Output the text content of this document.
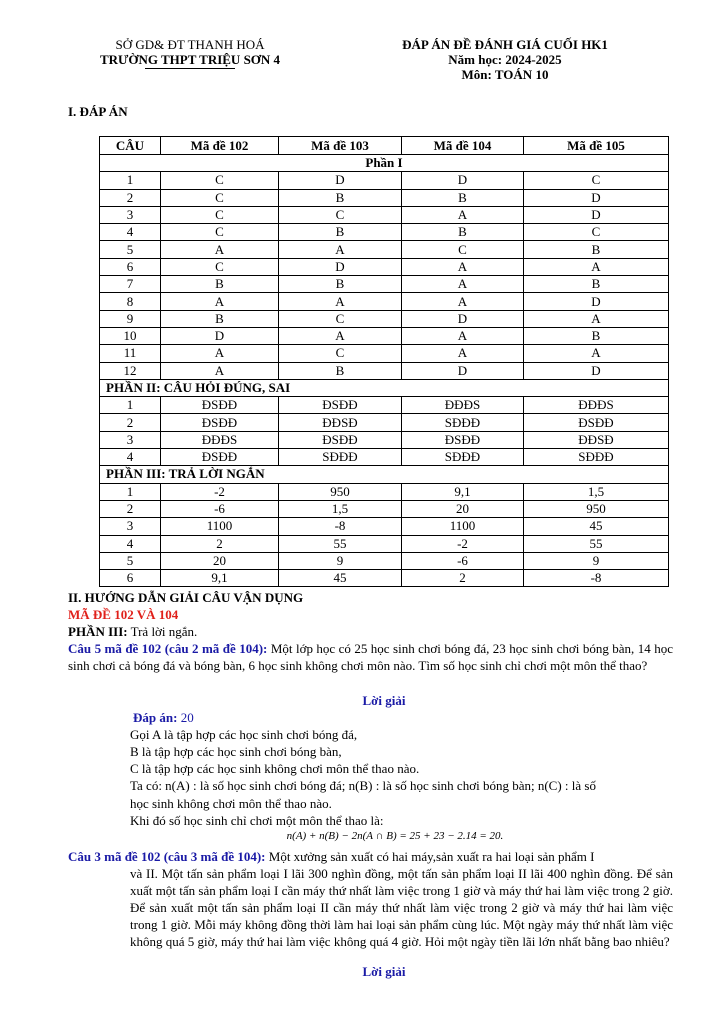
SỞ GD& ĐT THANH HOÁ
TRƯỜNG THPT TRIỆU SƠN 4
ĐÁP ÁN ĐỀ ĐÁNH GIÁ CUỐI HK1
Năm học: 2024-2025
Môn: TOÁN 10
I. ĐÁP ÁN
CÂU	Mã đề 102	Mã đề 103	Mã đề 104	Mã đề 105
Phần I				
1	C	D	D	C
2	C	B	B	D
3	C	C	A	D
4	C	B	B	C
5	A	A	C	B
6	C	D	A	A
7	B	B	A	B
8	A	A	A	D
9	B	C	D	A
10	D	A	A	B
11	A	C	A	A
12	A	B	D	D
PHẦN II: CÂU HỎI ĐÚNG, SAI				
1	ĐSĐĐ	ĐSĐĐ	ĐĐĐS	ĐĐĐS
2	ĐSĐĐ	ĐĐSĐ	SĐĐĐ	ĐSĐĐ
3	ĐĐĐS	ĐSĐĐ	ĐSĐĐ	ĐĐSĐ
4	ĐSĐĐ	SĐĐĐ	SĐĐĐ	SĐĐĐ
PHẦN III: TRẢ LỜI NGẮN				
1	-2	950	9,1	1,5
2	-6	1,5	20	950
3	1100	-8	1100	45
4	2	55	-2	55
5	20	9	-6	9
6	9,1	45	2	-8
II. HƯỚNG DẪN GIẢI CÂU VẬN DỤNG
MÃ ĐỀ 102 VÀ 104
PHẦN III: Trả lời ngắn.
Câu 5 mã đề 102 (câu 2 mã đề 104): Một lớp học có 25 học sinh chơi bóng đá, 23 học sinh chơi bóng bàn, 14 học sinh chơi cả bóng đá và bóng bàn, 6 học sinh không chơi môn nào. Tìm số học sinh chỉ chơi một môn thể thao?
Lời giải
Đáp án: 20
Gọi A là tập hợp các học sinh chơi bóng đá,
B là tập hợp các học sinh chơi bóng bàn,
C là tập hợp các học sinh không chơi môn thể thao nào.
Ta có: n(A) : là số học sinh chơi bóng đá; n(B) : là số học sinh chơi bóng bàn; n(C) : là số
học sinh không chơi môn thể thao nào.
Khi đó số học sinh chỉ chơi một môn thể thao là:
n(A) + n(B) − 2n(A ∩ B) = 25 + 23 − 2.14 = 20.
Câu 3 mã đề 102 (câu 3 mã đề 104): Một xưởng sản xuất có hai máy,sản xuất ra hai loại sản phẩm I
và II. Một tấn sản phẩm loại I lãi 300 nghìn đồng, một tấn sản phẩm loại II lãi 400 nghìn đồng. Để sản xuất một tấn sản phẩm loại I cần máy thứ nhất làm việc trong 1 giờ và máy thứ hai làm việc trong 2 giờ. Để sản xuất một tấn sản phẩm loại II cần máy thứ nhất làm việc trong 2 giờ và máy thứ hai làm việc trong 1 giờ. Mỗi máy không đồng thời làm hai loại sản phẩm cùng lúc. Một ngày máy thứ nhất làm việc không quá 5 giờ, máy thứ hai làm việc không quá 4 giờ. Hỏi một ngày tiền lãi lớn nhất bằng bao nhiêu?
Lời giải
